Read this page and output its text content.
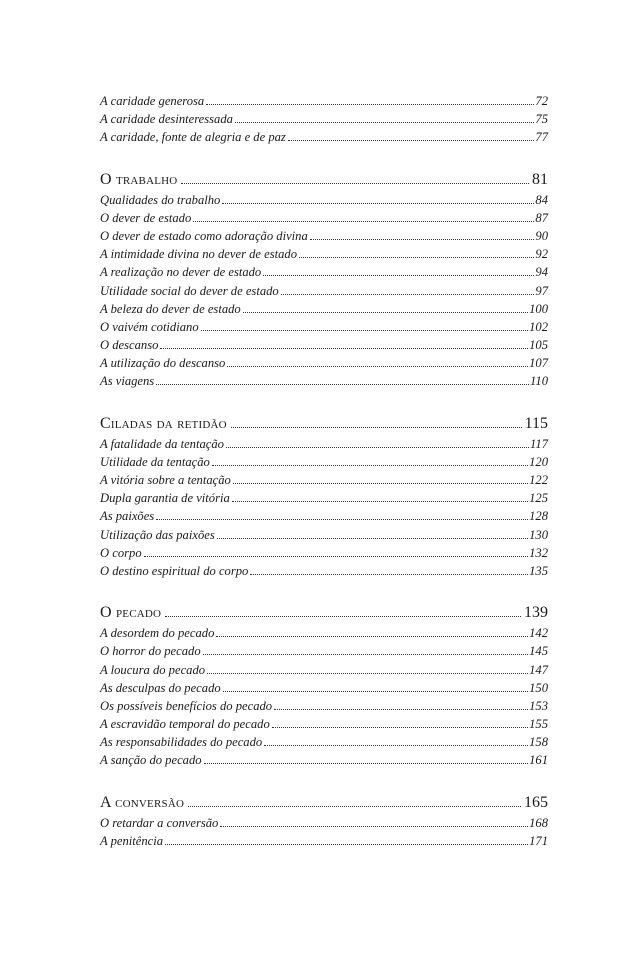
A caridade generosa	72
A caridade desinteressada	75
A caridade, fonte de alegria e de paz	77
O trabalho	81
Qualidades do trabalho	84
O dever de estado	87
O dever de estado como adoração divina	90
A intimidade divina no dever de estado	92
A realização no dever de estado	94
Utilidade social do dever de estado	97
A beleza do dever de estado	100
O vaivém cotidiano	102
O descanso	105
A utilização do descanso	107
As viagens	110
Ciladas da retidão	115
A fatalidade da tentação	117
Utilidade da tentação	120
A vitória sobre a tentação	122
Dupla garantia de vitória	125
As paixões	128
Utilização das paixões	130
O corpo	132
O destino espiritual do corpo	135
O pecado	139
A desordem do pecado	142
O horror do pecado	145
A loucura do pecado	147
As desculpas do pecado	150
Os possíveis benefícios do pecado	153
A escravidão temporal do pecado	155
As responsabilidades do pecado	158
A sanção do pecado	161
A conversão	165
O retardar a conversão	168
A penitência	171
